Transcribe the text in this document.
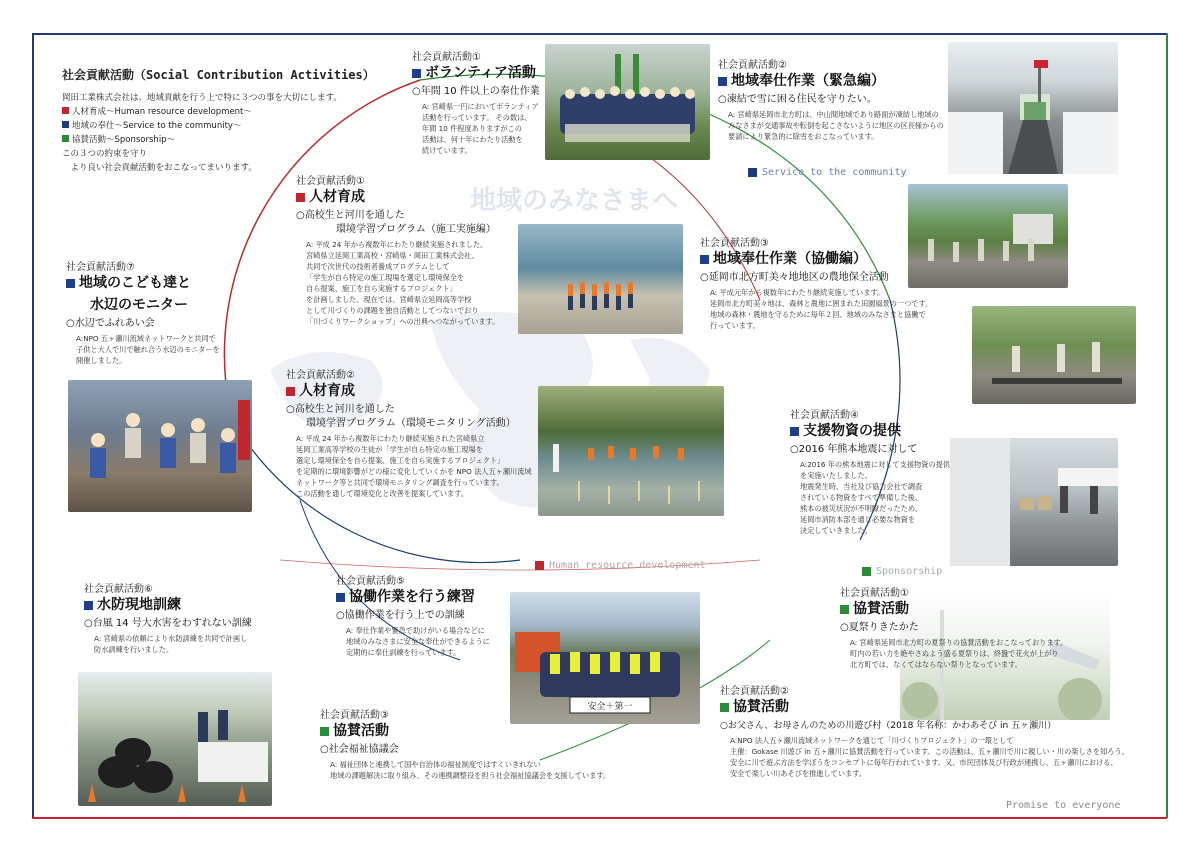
地域のみなさまへ
社会貢献活動（Social Contribution Activities）
岡田工業株式会社は、地域貢献を行う上で特に３つの事を大切にします。
人材育成～Human resource development～
地域の奉仕～Service to the community～
協賛活動～Sponsorship～
この３つの約束を守り
　より良い社会貢献活動をおこなってまいります。	Service to the community
Human resource development
Sponsorship
Promise to everyone
安全＋第一
社会貢献活動①
ボランティア活動
○年間 10 件以上の奉仕作業
A: 宮崎県一円においてボランティア
活動を行っています。 その数は、
年間 10 件程度ありますがこの
活動は、何十年にわたり活動を
続けています。
社会貢献活動②
地域奉仕作業（緊急編）
○凍結で雪に困る住民を守りたい。
A: 宮崎県延岡市北方町は、中山間地域であり路面が凍結し地域の
みなさまが交通事故や転倒を起こさないように地区の区長様からの
要請により緊急的に除雪をおこなっています。
社会貢献活動①
人材育成
○高校生と河川を通した
環境学習プログラム（施工実施編）
A: 平成 24 年から複数年にわたり継続実施されました。
宮崎県立延岡工業高校・宮崎県・岡田工業株式会社、
共同で次世代の技術者養成プログラムとして
「学生が自ら特定の施工現場を選定し環境保全を
自ら提案、施工を自ら実施するプロジェクト」
を計画しました。現在では、宮崎県立延岡高等学校
として川づくりの課題を独自活動としてつないでおり
「川づくりワークショップ」への出典へつながっています。
社会貢献活動③
地域奉仕作業（協働編）
○延岡市北方町美々地地区の農地保全活動
A: 平成元年から複数年にわたり継続実施しています。
延岡市北方町美々地は、森林と農地に囲まれた田園風景の一つです。
地域の森林・農地を守るために毎年２回、地域のみなさまと協働で
行っています。
社会貢献活動⑦
地域のこども達と
水辺のモニター
○水辺でふれあい会
A:NPO 五ヶ瀬川流域ネットワークと共同で
子供と大人で川で触れ合う水辺のモニターを
開催しました。
社会貢献活動②
人材育成
○高校生と河川を通した
環境学習プログラム（環境モニタリング活動）
A: 平成 24 年から複数年にわたり継続実施された宮崎県立
延岡工業高等学校の生徒が「学生が自ら特定の施工現場を
選定し環境保全を自ら提案、施工を自ら実施するプロジェクト」
を定期的に環境影響がどの様に変化していくかを NPO 法人五ヶ瀬川流域
ネットワーク等と共同で環境モニタリング調査を行っています。
この活動を通して環境変化と改善を提案しています。
社会貢献活動④
支援物資の提供
○2016 年熊本地震に対して
A:2016 年の熊本地震に対して支援物資の提供
を実施いたしました。
地震発生時、当社及び協力会社で調査
されている物資をすべて準備した後、
熊本の被災状況が不明瞭だったため、
延岡市消防本部を通じ必要な物資を
決定していきました。
社会貢献活動⑥
水防現地訓練
○台風 14 号大水害をわすれない訓練
A: 宮崎県の依頼により水防訓練を共同で計画し
防水訓練を行いました。
社会貢献活動⑤
協働作業を行う練習
○協働作業を行う上での訓練
A: 奉仕作業や緊急で助けがいる場合などに
地域のみなさまに安全な奉仕ができるように
定期的に奉仕訓練を行っています。
社会貢献活動①
協賛活動
○夏祭りきたかた
A: 宮崎県延岡市北方町の夏祭りの協賛活動をおこなっております。
町内の若い力を絶やさぬよう盛る夏祭りは、終盤で花火が上がり
北方町では、なくてはならない祭りとなっています。
社会貢献活動③
協賛活動
○社会福祉協議会
A: 福祉団体と連携して国や自治体の福祉制度ではすくいきれない
地域の課題解決に取り組み、その連携調整役を担う社会福祉協議会を支援しています。
社会貢献活動②
協賛活動
○お父さん、お母さんのための川遊び村（2018 年名称：かわあそび in 五ヶ瀬川）
A:NPO 法人五ヶ瀬川流域ネットワークを通じて「川づくりプロジェクト」の一環として
主催：Gokase 川遊び in 五ヶ瀬川に協賛活動を行っています。この活動は、五ヶ瀬川で川に親しい・川の楽しさを知ろう。
安全に川で遊ぶ方法を学ぼうをコンセプトに毎年行われています。又、市民団体及び行政が連携し、五ヶ瀬川における、
安全で楽しい川あそびを推進しています。
